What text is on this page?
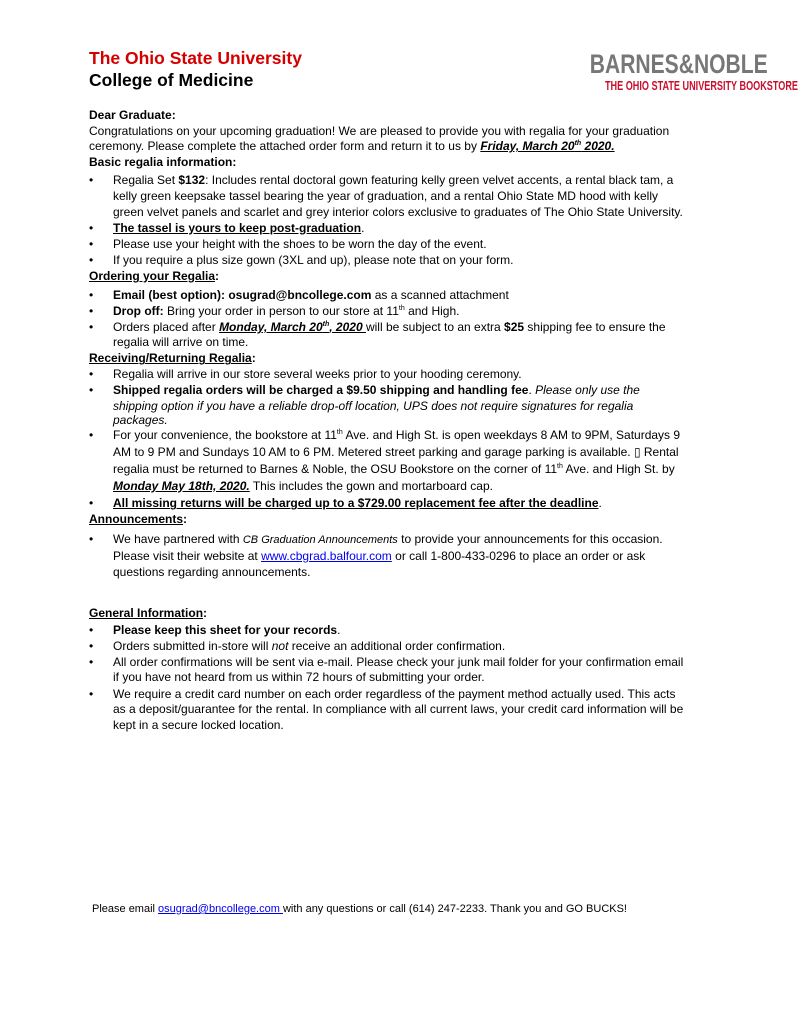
The Ohio State University
College of Medicine
BARNES&NOBLE
THE OHIO STATE UNIVERSITY BOOKSTORE

Dear Graduate:

Congratulations on your upcoming graduation! We are pleased to provide you with regalia for your graduation ceremony. Please complete the attached order form and return it to us by Friday, March 20th 2020.

Basic regalia information:

• Regalia Set $132: Includes rental doctoral gown featuring kelly green velvet accents, a rental black tam, a kelly green keepsake tassel bearing the year of graduation, and a rental Ohio State MD hood with kelly green velvet panels and scarlet and grey interior colors exclusive to graduates of The Ohio State University.
• The tassel is yours to keep post-graduation.
• Please use your height with the shoes to be worn the day of the event.
• If you require a plus size gown (3XL and up), please note that on your form.

Ordering your Regalia:

• Email (best option): osugrad@bncollege.com as a scanned attachment
• Drop off: Bring your order in person to our store at 11th and High.
• Orders placed after Monday, March 20th, 2020 will be subject to an extra $25 shipping fee to ensure the regalia will arrive on time.

Receiving/Returning Regalia:

• Regalia will arrive in our store several weeks prior to your hooding ceremony.
• Shipped regalia orders will be charged a $9.50 shipping and handling fee. Please only use the shipping option if you have a reliable drop-off location, UPS does not require signatures for regalia packages.
• For your convenience, the bookstore at 11th Ave. and High St. is open weekdays 8 AM to 9PM, Saturdays 9 AM to 9 PM and Sundays 10 AM to 6 PM. Metered street parking and garage parking is available. ▯ Rental regalia must be returned to Barnes & Noble, the OSU Bookstore on the corner of 11th Ave. and High St. by Monday May 18th, 2020. This includes the gown and mortarboard cap.
• All missing returns will be charged up to a $729.00 replacement fee after the deadline.

Announcements:

• We have partnered with CB Graduation Announcements to provide your announcements for this occasion. Please visit their website at www.cbgrad.balfour.com or call 1-800-433-0296 to place an order or ask questions regarding announcements.

General Information:

• Please keep this sheet for your records.
• Orders submitted in-store will not receive an additional order confirmation.
• All order confirmations will be sent via e-mail. Please check your junk mail folder for your confirmation email if you have not heard from us within 72 hours of submitting your order.
• We require a credit card number on each order regardless of the payment method actually used. This acts as a deposit/guarantee for the rental. In compliance with all current laws, your credit card information will be kept in a secure locked location.

Please email osugrad@bncollege.com with any questions or call (614) 247-2233. Thank you and GO BUCKS!
